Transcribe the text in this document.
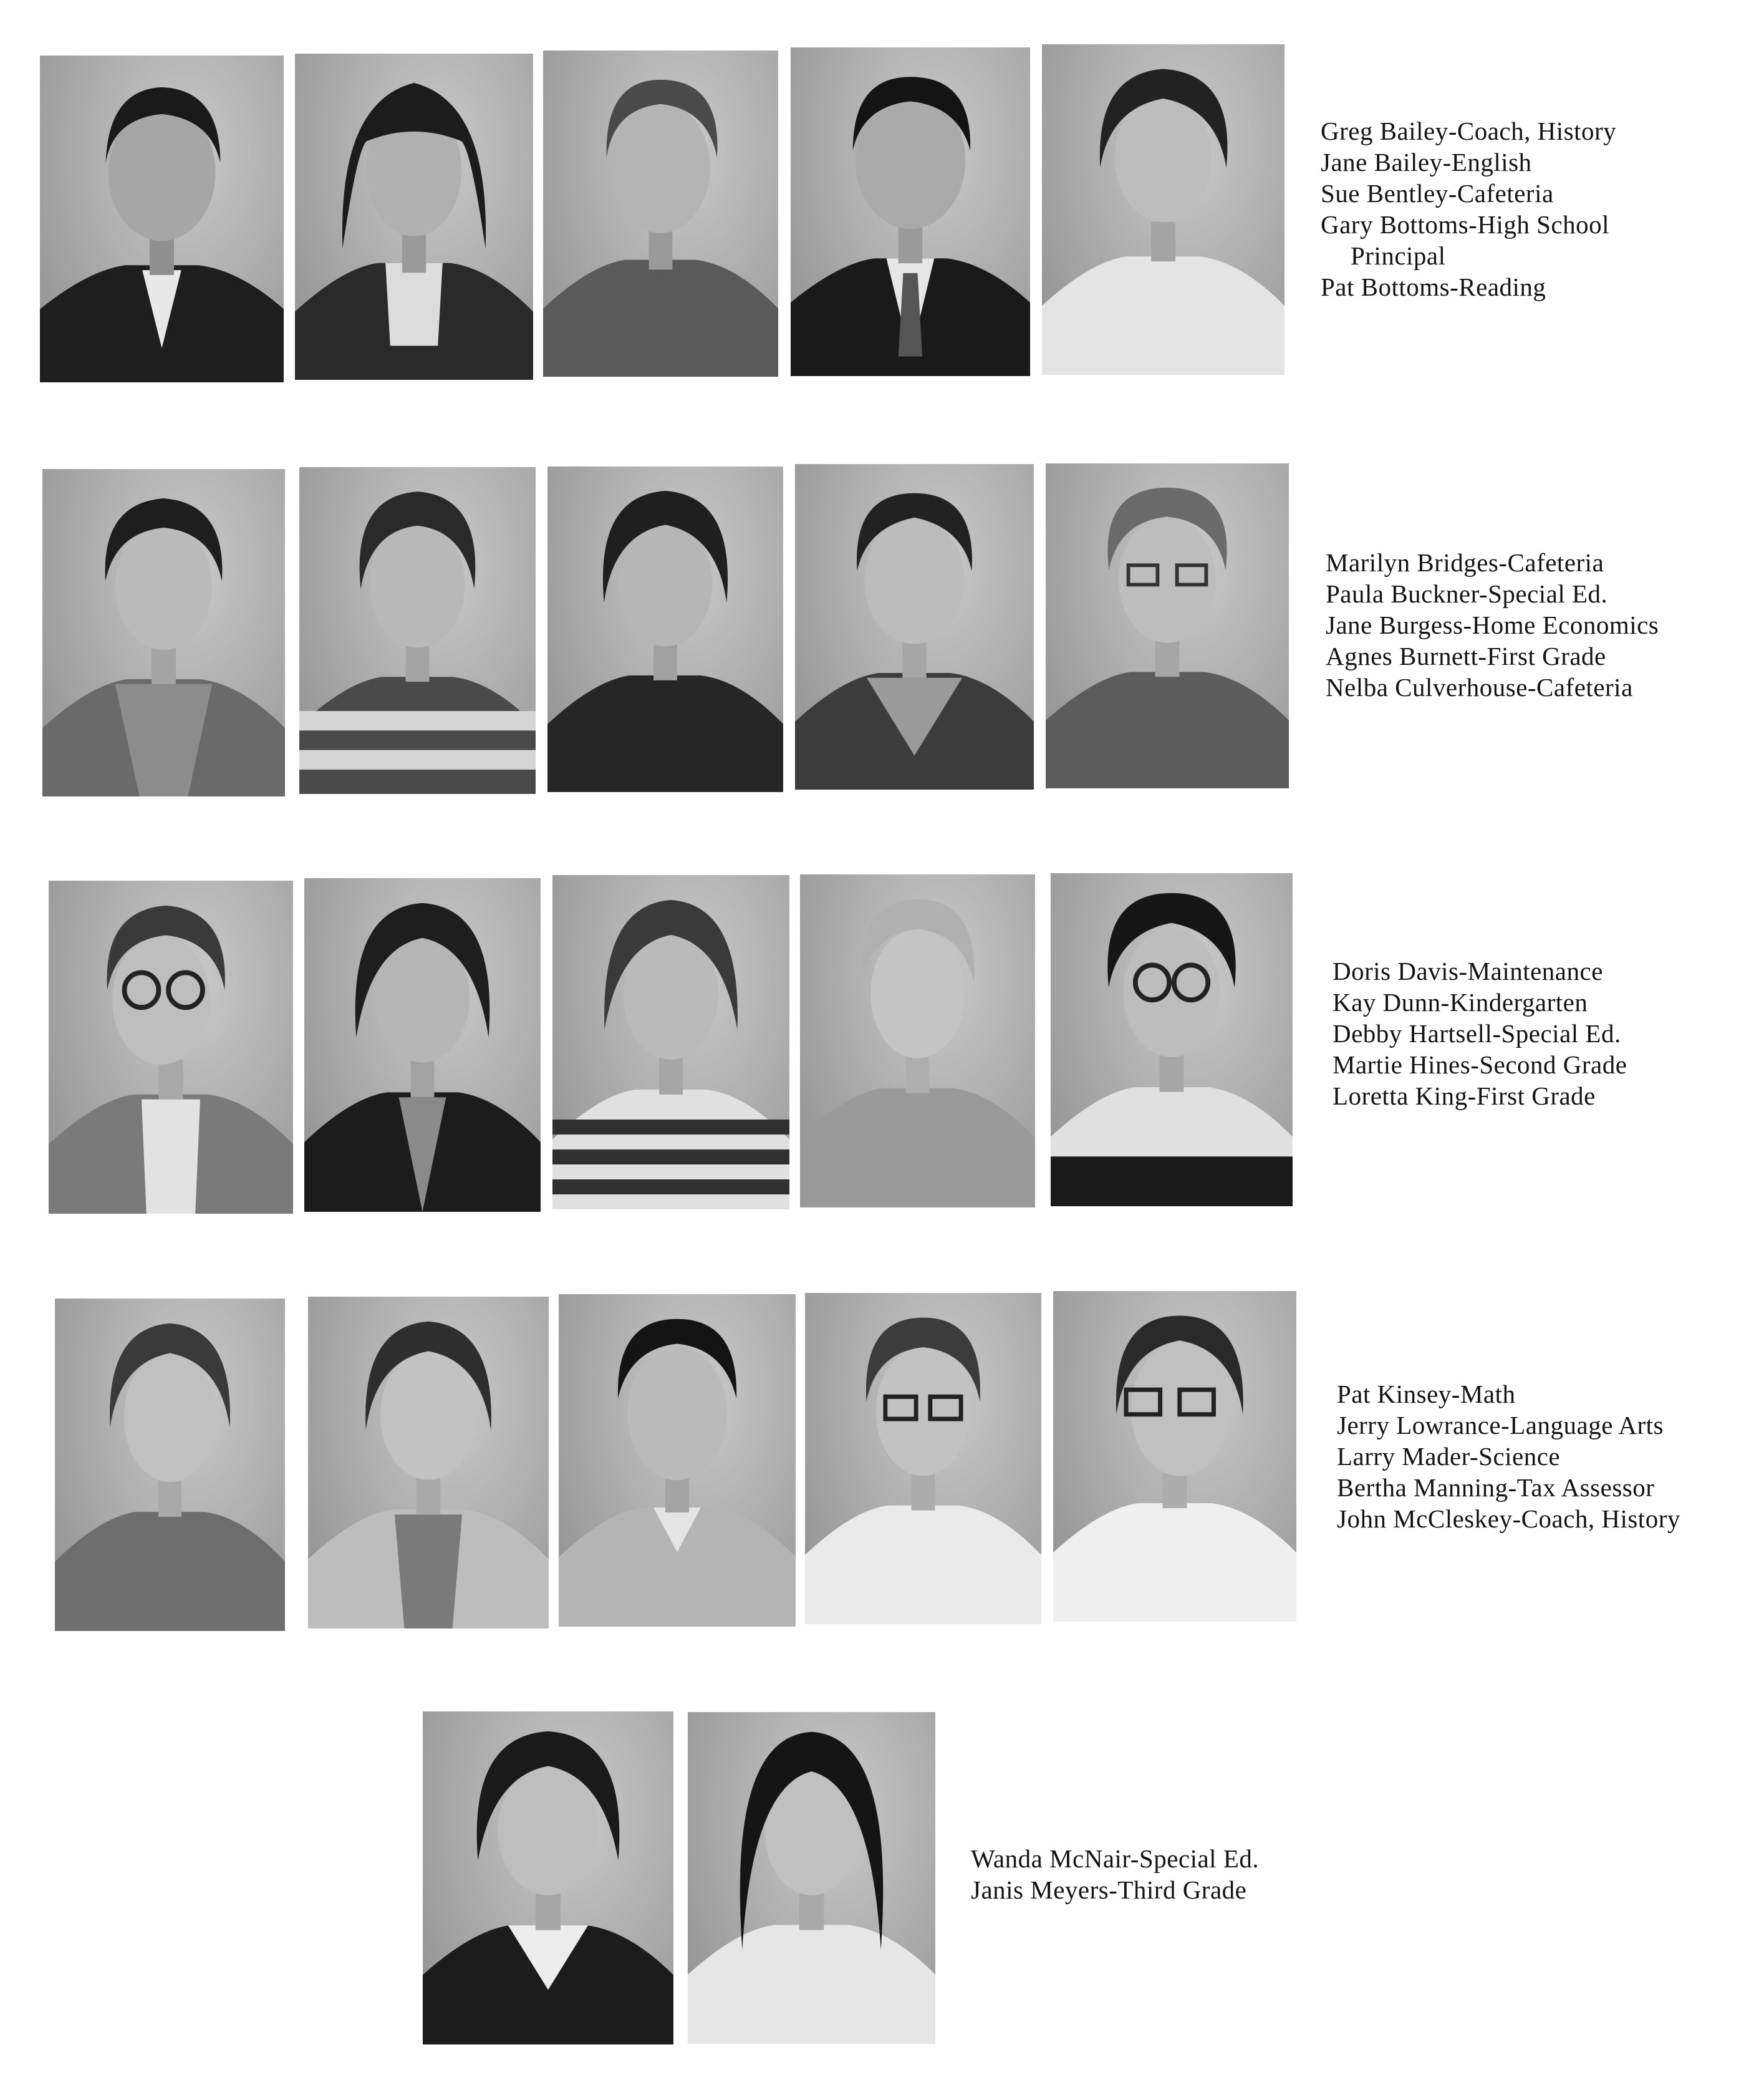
Greg Bailey-Coach, History
Jane Bailey-English
Sue Bentley-Cafeteria
Gary Bottoms-High School
Principal
Pat Bottoms-Reading
Marilyn Bridges-Cafeteria
Paula Buckner-Special Ed.
Jane Burgess-Home Economics
Agnes Burnett-First Grade
Nelba Culverhouse-Cafeteria
Doris Davis-Maintenance
Kay Dunn-Kindergarten
Debby Hartsell-Special Ed.
Martie Hines-Second Grade
Loretta King-First Grade
Pat Kinsey-Math
Jerry Lowrance-Language Arts
Larry Mader-Science
Bertha Manning-Tax Assessor
John McCleskey-Coach, History
Wanda McNair-Special Ed.
Janis Meyers-Third Grade
